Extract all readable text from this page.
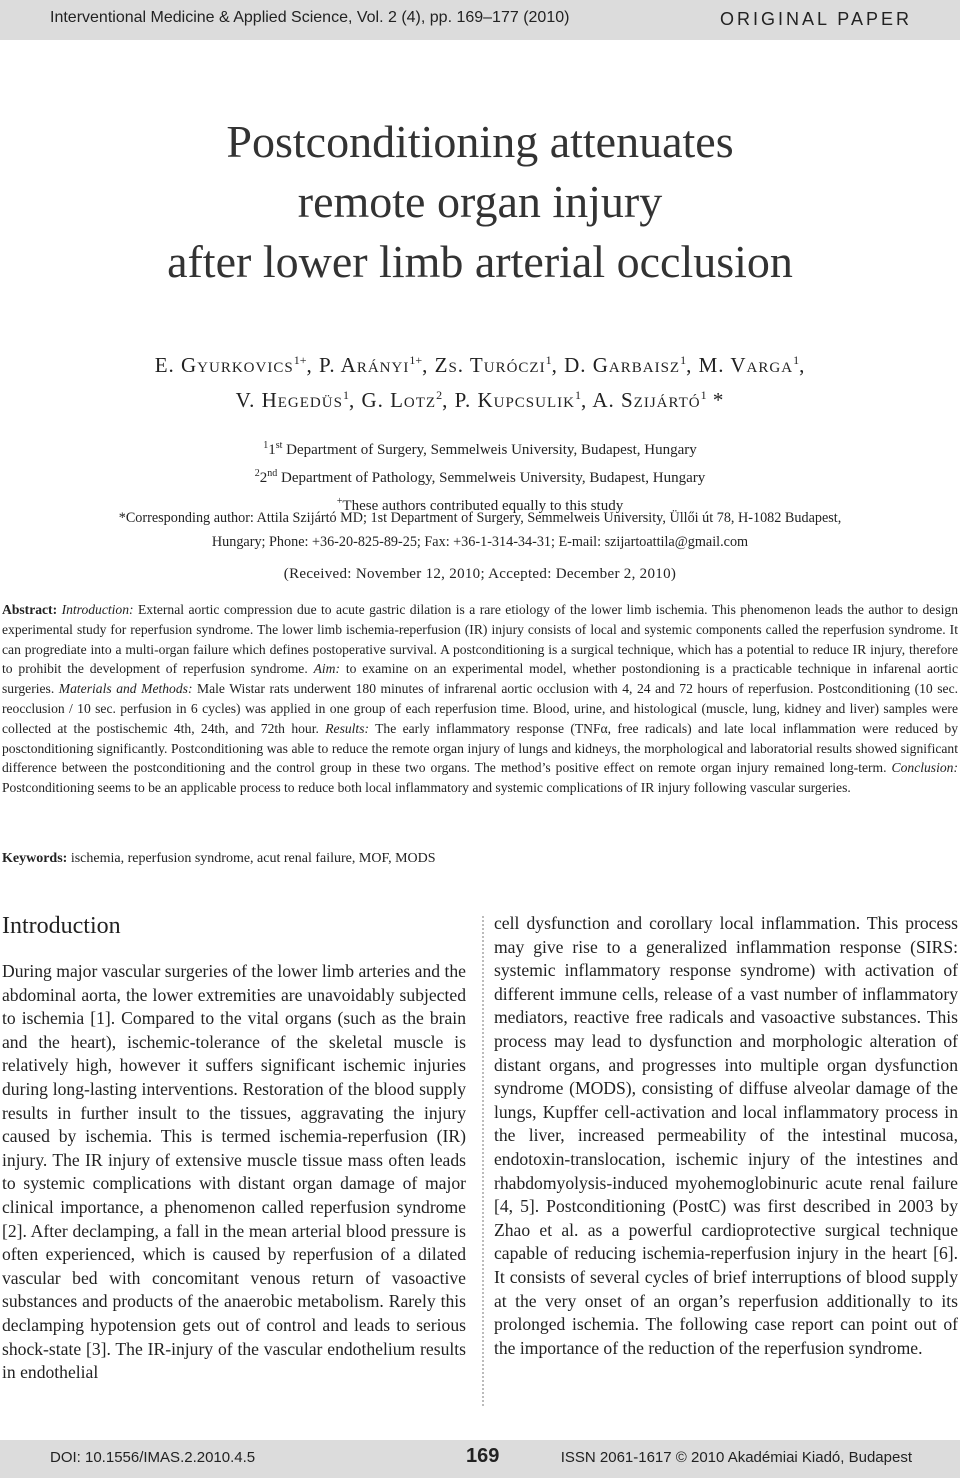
Interventional Medicine & Applied Science, Vol. 2 (4), pp. 169–177 (2010)	ORIGINAL PAPER
Postconditioning attenuates
remote organ injury
after lower limb arterial occlusion
E. Gyurkovics$^{1+}$, P. Arányi$^{1+}$, Zs. Turóczi$^1$, D. Garbaisz$^1$, M. Varga$^1$,
V. Hegedüs$^1$, G. Lotz$^2$, P. Kupcsulik$^1$, A. Szijártó$^1$ *
$^1$1st Department of Surgery, Semmelweis University, Budapest, Hungary
$^2$2nd Department of Pathology, Semmelweis University, Budapest, Hungary
+These authors contributed equally to this study
*Corresponding author: Attila Szijártó MD; 1st Department of Surgery, Semmelweis University, Üllői út 78, H-1082 Budapest,
Hungary; Phone: +36-20-825-89-25; Fax: +36-1-314-34-31; E-mail: szijartoattila@gmail.com
(Received: November 12, 2010; Accepted: December 2, 2010)
Abstract: Introduction: External aortic compression due to acute gastric dilation is a rare etiology of the lower limb ischemia. This phenomenon leads the author to design experimental study for reperfusion syndrome. The lower limb ischemia-reperfusion (IR) injury consists of local and systemic components called the reperfusion syndrome. It can progrediate into a multi-organ failure which defines postoperative survival. A postconditioning is a surgical technique, which has a potential to reduce IR injury, therefore to prohibit the development of reperfusion syndrome. Aim: to examine on an experimental model, whether postondioning is a practicable technique in infarenal aortic surgeries. Materials and Methods: Male Wistar rats underwent 180 minutes of infrarenal aortic occlusion with 4, 24 and 72 hours of reperfusion. Postconditioning (10 sec. reocclusion / 10 sec. perfusion in 6 cycles) was applied in one group of each reperfusion time. Blood, urine, and histological (muscle, lung, kidney and liver) samples were collected at the postischemic 4th, 24th, and 72th hour. Results: The early inflammatory response (TNFα, free radicals) and late local inflammation were reduced by posctonditioning significantly. Postconditioning was able to reduce the remote organ injury of lungs and kidneys, the morphological and laboratorial results showed significant difference between the postconditioning and the control group in these two organs. The method’s positive effect on remote organ injury remained long-term. Conclusion: Postconditioning seems to be an applicable process to reduce both local inflammatory and systemic complications of IR injury following vascular surgeries.
Keywords: ischemia, reperfusion syndrome, acut renal failure, MOF, MODS
Introduction

During major vascular surgeries of the lower limb arteries and the abdominal aorta, the lower extremities are unavoidably subjected to ischemia [1]. Compared to the vital organs (such as the brain and the heart), ischemic-tolerance of the skeletal muscle is relatively high, however it suffers significant ischemic injuries during long-lasting interventions. Restoration of the blood supply results in further insult to the tissues, aggravating the injury caused by ischemia. This is termed ischemia-reperfusion (IR) injury. The IR injury of extensive muscle tissue mass often leads to systemic complications with distant organ damage of major clinical importance, a phenomenon called reperfusion syndrome [2]. After declamping, a fall in the mean arterial blood pressure is often experienced, which is caused by reperfusion of a dilated vascular bed with concomitant venous return of vasoactive substances and products of the anaerobic metabolism. Rarely this declamping hypotension gets out of control and leads to serious shock-state [3]. The IR-injury of the vascular endothelium results in endothelial

cell dysfunction and corollary local inflammation. This process may give rise to a generalized inflammation response (SIRS: systemic inflammatory response syndrome) with activation of different immune cells, release of a vast number of inflammatory mediators, reactive free radicals and vasoactive substances. This process may lead to dysfunction and morphologic alteration of distant organs, and progresses into multiple organ dysfunction syndrome (MODS), consisting of diffuse alveolar damage of the lungs, Kupffer cell-activation and local inflammatory process in the liver, increased permeability of the intestinal mucosa, endotoxin-translocation, ischemic injury of the intestines and rhabdomyolysis-induced myohemoglobinuric acute renal failure [4, 5]. Postconditioning (PostC) was first described in 2003 by Zhao et al. as a powerful cardioprotective surgical technique capable of reducing ischemia-reperfusion injury in the heart [6]. It consists of several cycles of brief interruptions of blood supply at the very onset of an organ’s reperfusion additionally to its prolonged ischemia. The following case report can point out of the importance of the reduction of the reperfusion syndrome.

DOI: 10.1556/IMAS.2.2010.4.5	169	ISSN 2061-1617 © 2010 Akadémiai Kiadó, Budapest
